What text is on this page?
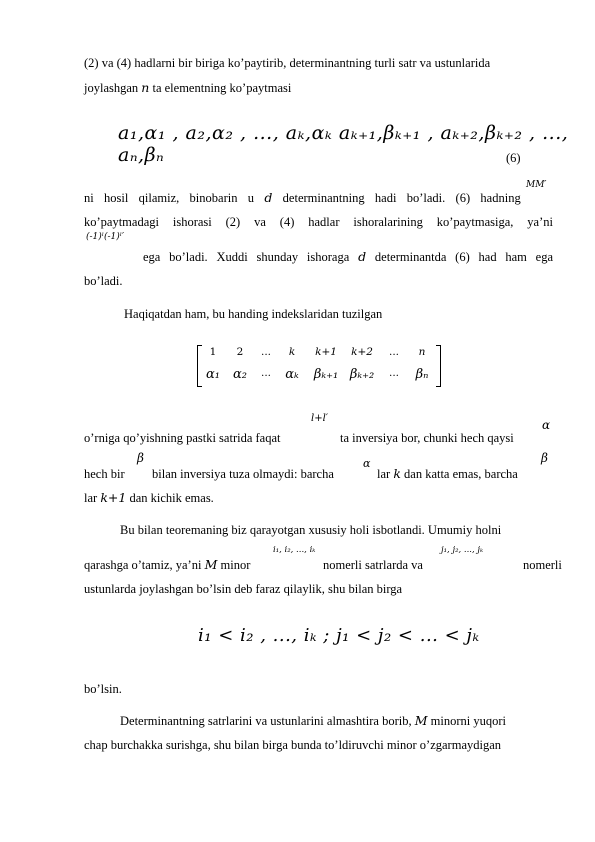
(2) va (4) hadlarni bir biriga ko’paytirib, determinantning turli satr va ustunlarida
joylashgan n ta elementning ko’paytmasi
a₁,α₁ , a₂,α₂ , ..., aₖ,αₖ aₖ₊₁,βₖ₊₁ , aₖ₊₂,βₖ₊₂ , ..., aₙ,βₙ	(6)
ni hosil qilamiz, binobarin u d determinantning hadi bo’ladi. (6) hadning
MM′
ko’paytmadagi ishorasi (2) va (4) hadlar ishoralarining ko’paytmasiga, ya’ni
(-1)ˡ(-1)ˡ′
ega bo’ladi. Xuddi shunday ishoraga d determinantda (6) had ham ega
bo’ladi.
Haqiqatdan ham, bu handing indekslaridan tuzilgan
1	2	...	k	k+1	k+2	...	n
α₁	α₂	...	αₖ	βₖ₊₁ βₖ₊₂	...	βₙ
o’rniga qo’yishning pastki satrida faqat
l+l′
ta inversiya bor, chunki hech qaysi
α
hech bir
β
bilan inversiya tuza olmaydi: barcha
α
lar k dan katta emas, barcha
β
lar k+1 dan kichik emas.
Bu bilan teoremaning biz qarayotgan xususiy holi isbotlandi. Umumiy holni
qarashga o’tamiz, ya’ni M minor
i₁, i₂, ..., iₖ
nomerli satrlarda va
j₁, j₂, ..., jₖ
nomerli
ustunlarda joylashgan bo’lsin deb faraz qilaylik, shu bilan birga
i₁ < i₂ , ..., iₖ ; j₁ < j₂ < ... < jₖ
bo’lsin.
Determinantning satrlarini va ustunlarini almashtira borib, M minorni yuqori
chap burchakka surishga, shu bilan birga bunda to’ldiruvchi minor o’zgarmaydigan
